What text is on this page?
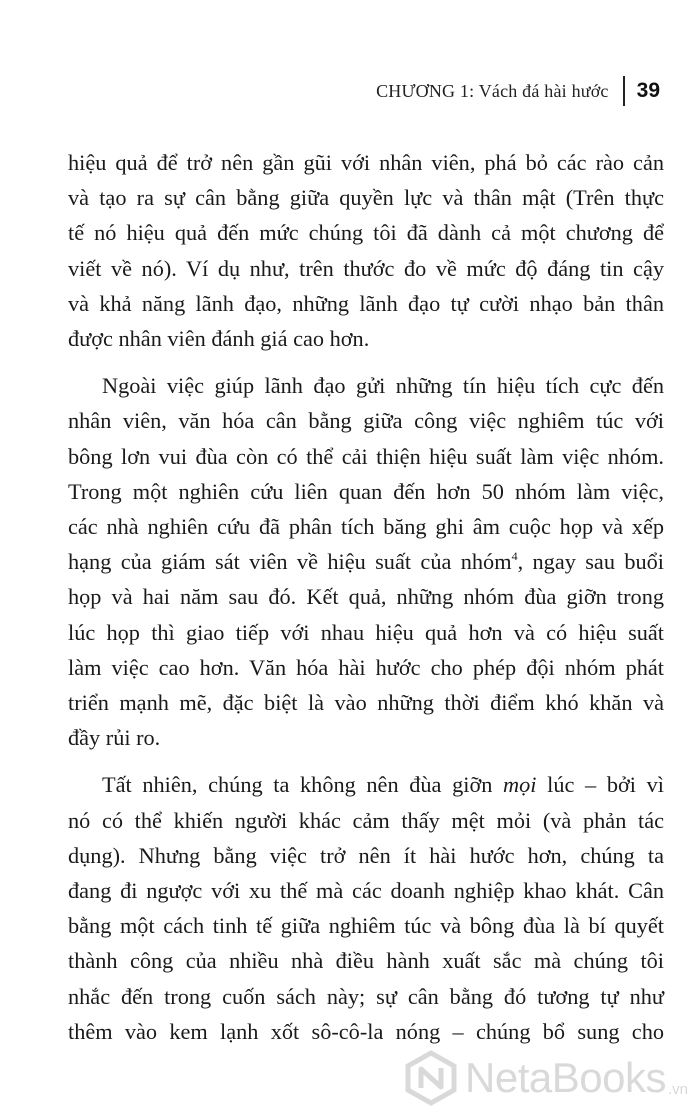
CHƯƠNG 1: Vách đá hài hước 39

hiệu quả để trở nên gần gũi với nhân viên, phá bỏ các rào cản
và tạo ra sự cân bằng giữa quyền lực và thân mật (Trên thực
tế nó hiệu quả đến mức chúng tôi đã dành cả một chương để
viết về nó). Ví dụ như, trên thước đo về mức độ đáng tin cậy
và khả năng lãnh đạo, những lãnh đạo tự cười nhạo bản thân
được nhân viên đánh giá cao hơn.

Ngoài việc giúp lãnh đạo gửi những tín hiệu tích cực đến
nhân viên, văn hóa cân bằng giữa công việc nghiêm túc với
bông lơn vui đùa còn có thể cải thiện hiệu suất làm việc nhóm.
Trong một nghiên cứu liên quan đến hơn 50 nhóm làm việc,
các nhà nghiên cứu đã phân tích băng ghi âm cuộc họp và xếp
hạng của giám sát viên về hiệu suất của nhóm$^4$, ngay sau buổi
họp và hai năm sau đó. Kết quả, những nhóm đùa giỡn trong
lúc họp thì giao tiếp với nhau hiệu quả hơn và có hiệu suất
làm việc cao hơn. Văn hóa hài hước cho phép đội nhóm phát
triển mạnh mẽ, đặc biệt là vào những thời điểm khó khăn và
đầy rủi ro.

Tất nhiên, chúng ta không nên đùa giỡn mọi lúc – bởi vì
nó có thể khiến người khác cảm thấy mệt mỏi (và phản tác
dụng). Nhưng bằng việc trở nên ít hài hước hơn, chúng ta
đang đi ngược với xu thế mà các doanh nghiệp khao khát. Cân
bằng một cách tinh tế giữa nghiêm túc và bông đùa là bí quyết
thành công của nhiều nhà điều hành xuất sắc mà chúng tôi
nhắc đến trong cuốn sách này; sự cân bằng đó tương tự như
thêm vào kem lạnh xốt sô-cô-la nóng – chúng bổ sung cho

NetaBooks .vn
